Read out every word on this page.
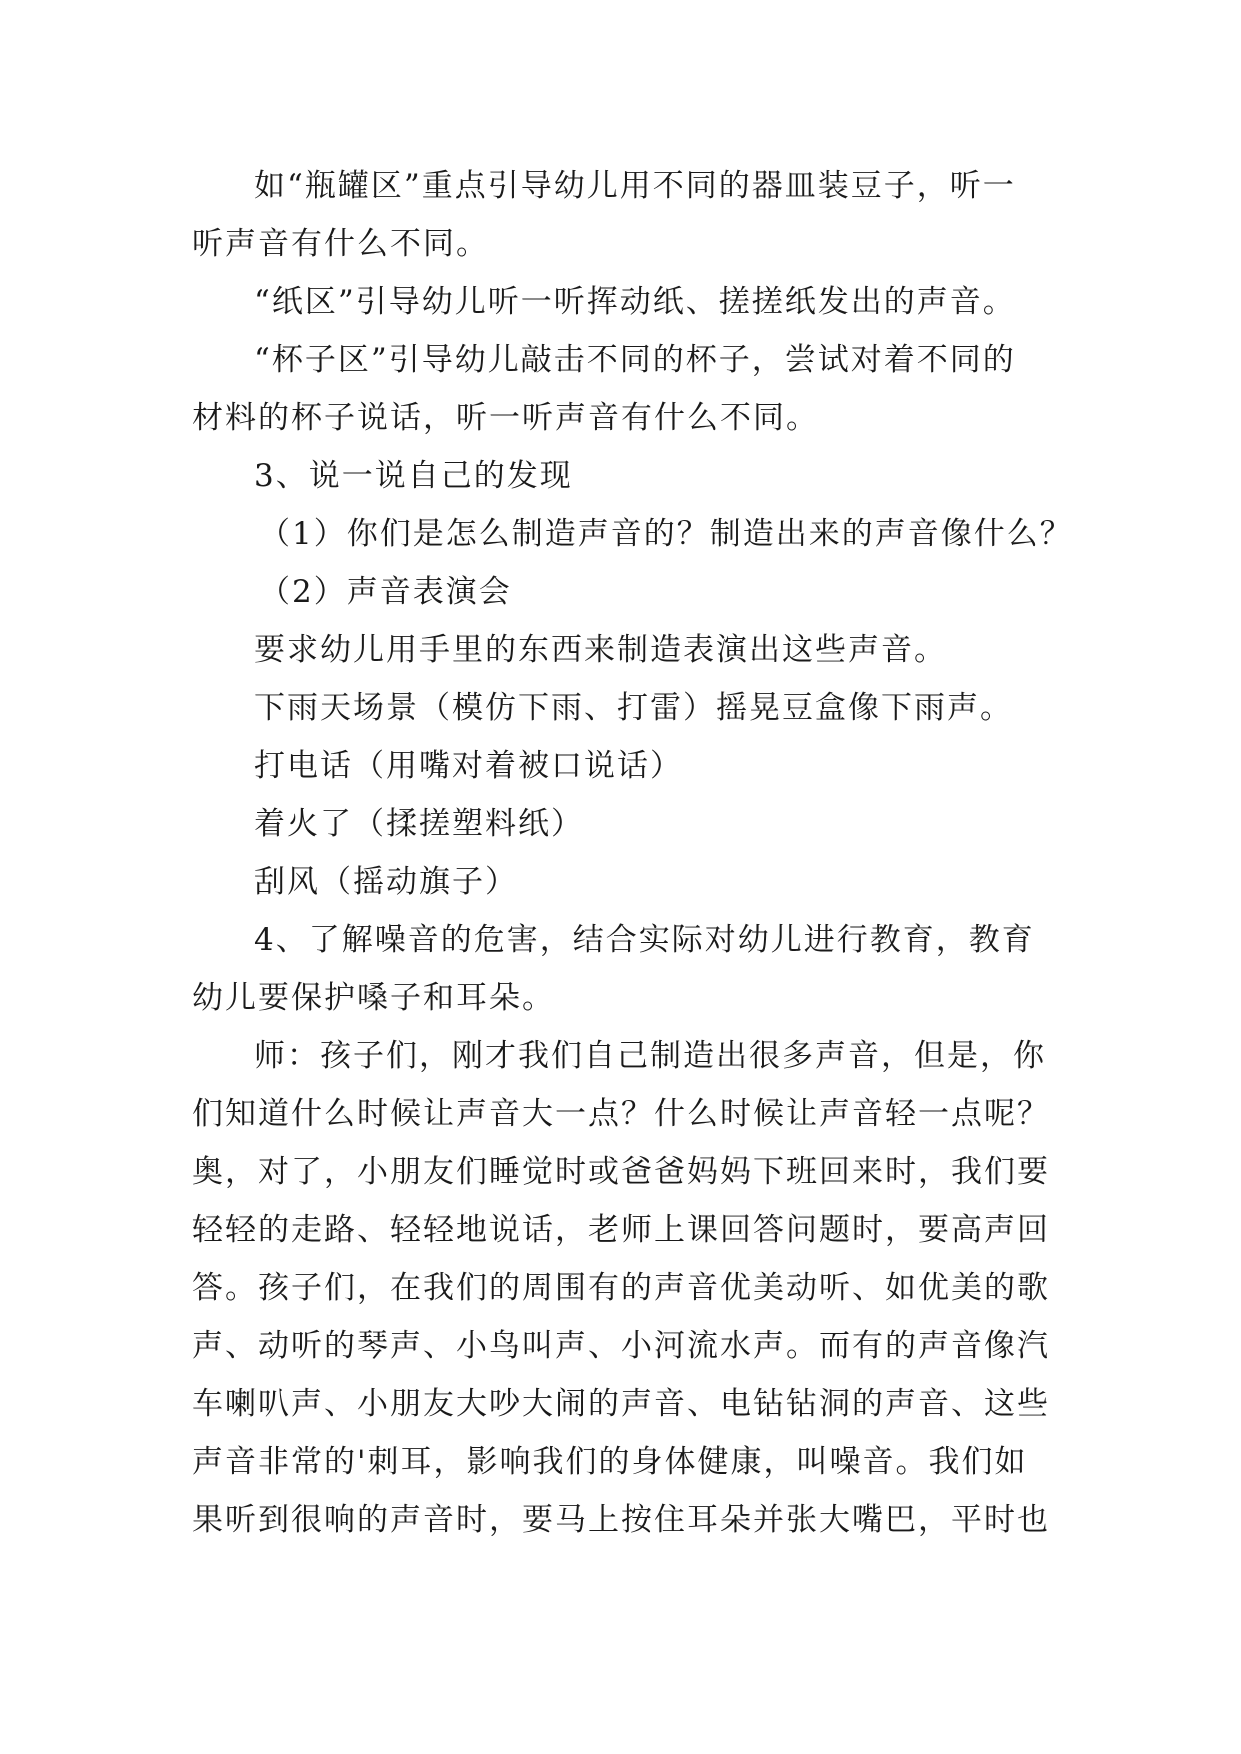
如“瓶罐区”重点引导幼儿用不同的器皿装豆子，听一
听声音有什么不同。
“纸区”引导幼儿听一听挥动纸、搓搓纸发出的声音。
“杯子区”引导幼儿敲击不同的杯子，尝试对着不同的
材料的杯子说话，听一听声音有什么不同。
3、说一说自己的发现
（1）你们是怎么制造声音的？制造出来的声音像什么？
（2）声音表演会
要求幼儿用手里的东西来制造表演出这些声音。
下雨天场景（模仿下雨、打雷）摇晃豆盒像下雨声。
打电话（用嘴对着被口说话）
着火了（揉搓塑料纸）
刮风（摇动旗子）
4、了解噪音的危害，结合实际对幼儿进行教育，教育
幼儿要保护嗓子和耳朵。
师：孩子们，刚才我们自己制造出很多声音，但是，你
们知道什么时候让声音大一点？什么时候让声音轻一点呢？
奥，对了，小朋友们睡觉时或爸爸妈妈下班回来时，我们要
轻轻的走路、轻轻地说话，老师上课回答问题时，要高声回
答。孩子们，在我们的周围有的声音优美动听、如优美的歌
声、动听的琴声、小鸟叫声、小河流水声。而有的声音像汽
车喇叭声、小朋友大吵大闹的声音、电钻钻洞的声音、这些
声音非常的'刺耳，影响我们的身体健康，叫噪音。我们如
果听到很响的声音时，要马上按住耳朵并张大嘴巴，平时也
